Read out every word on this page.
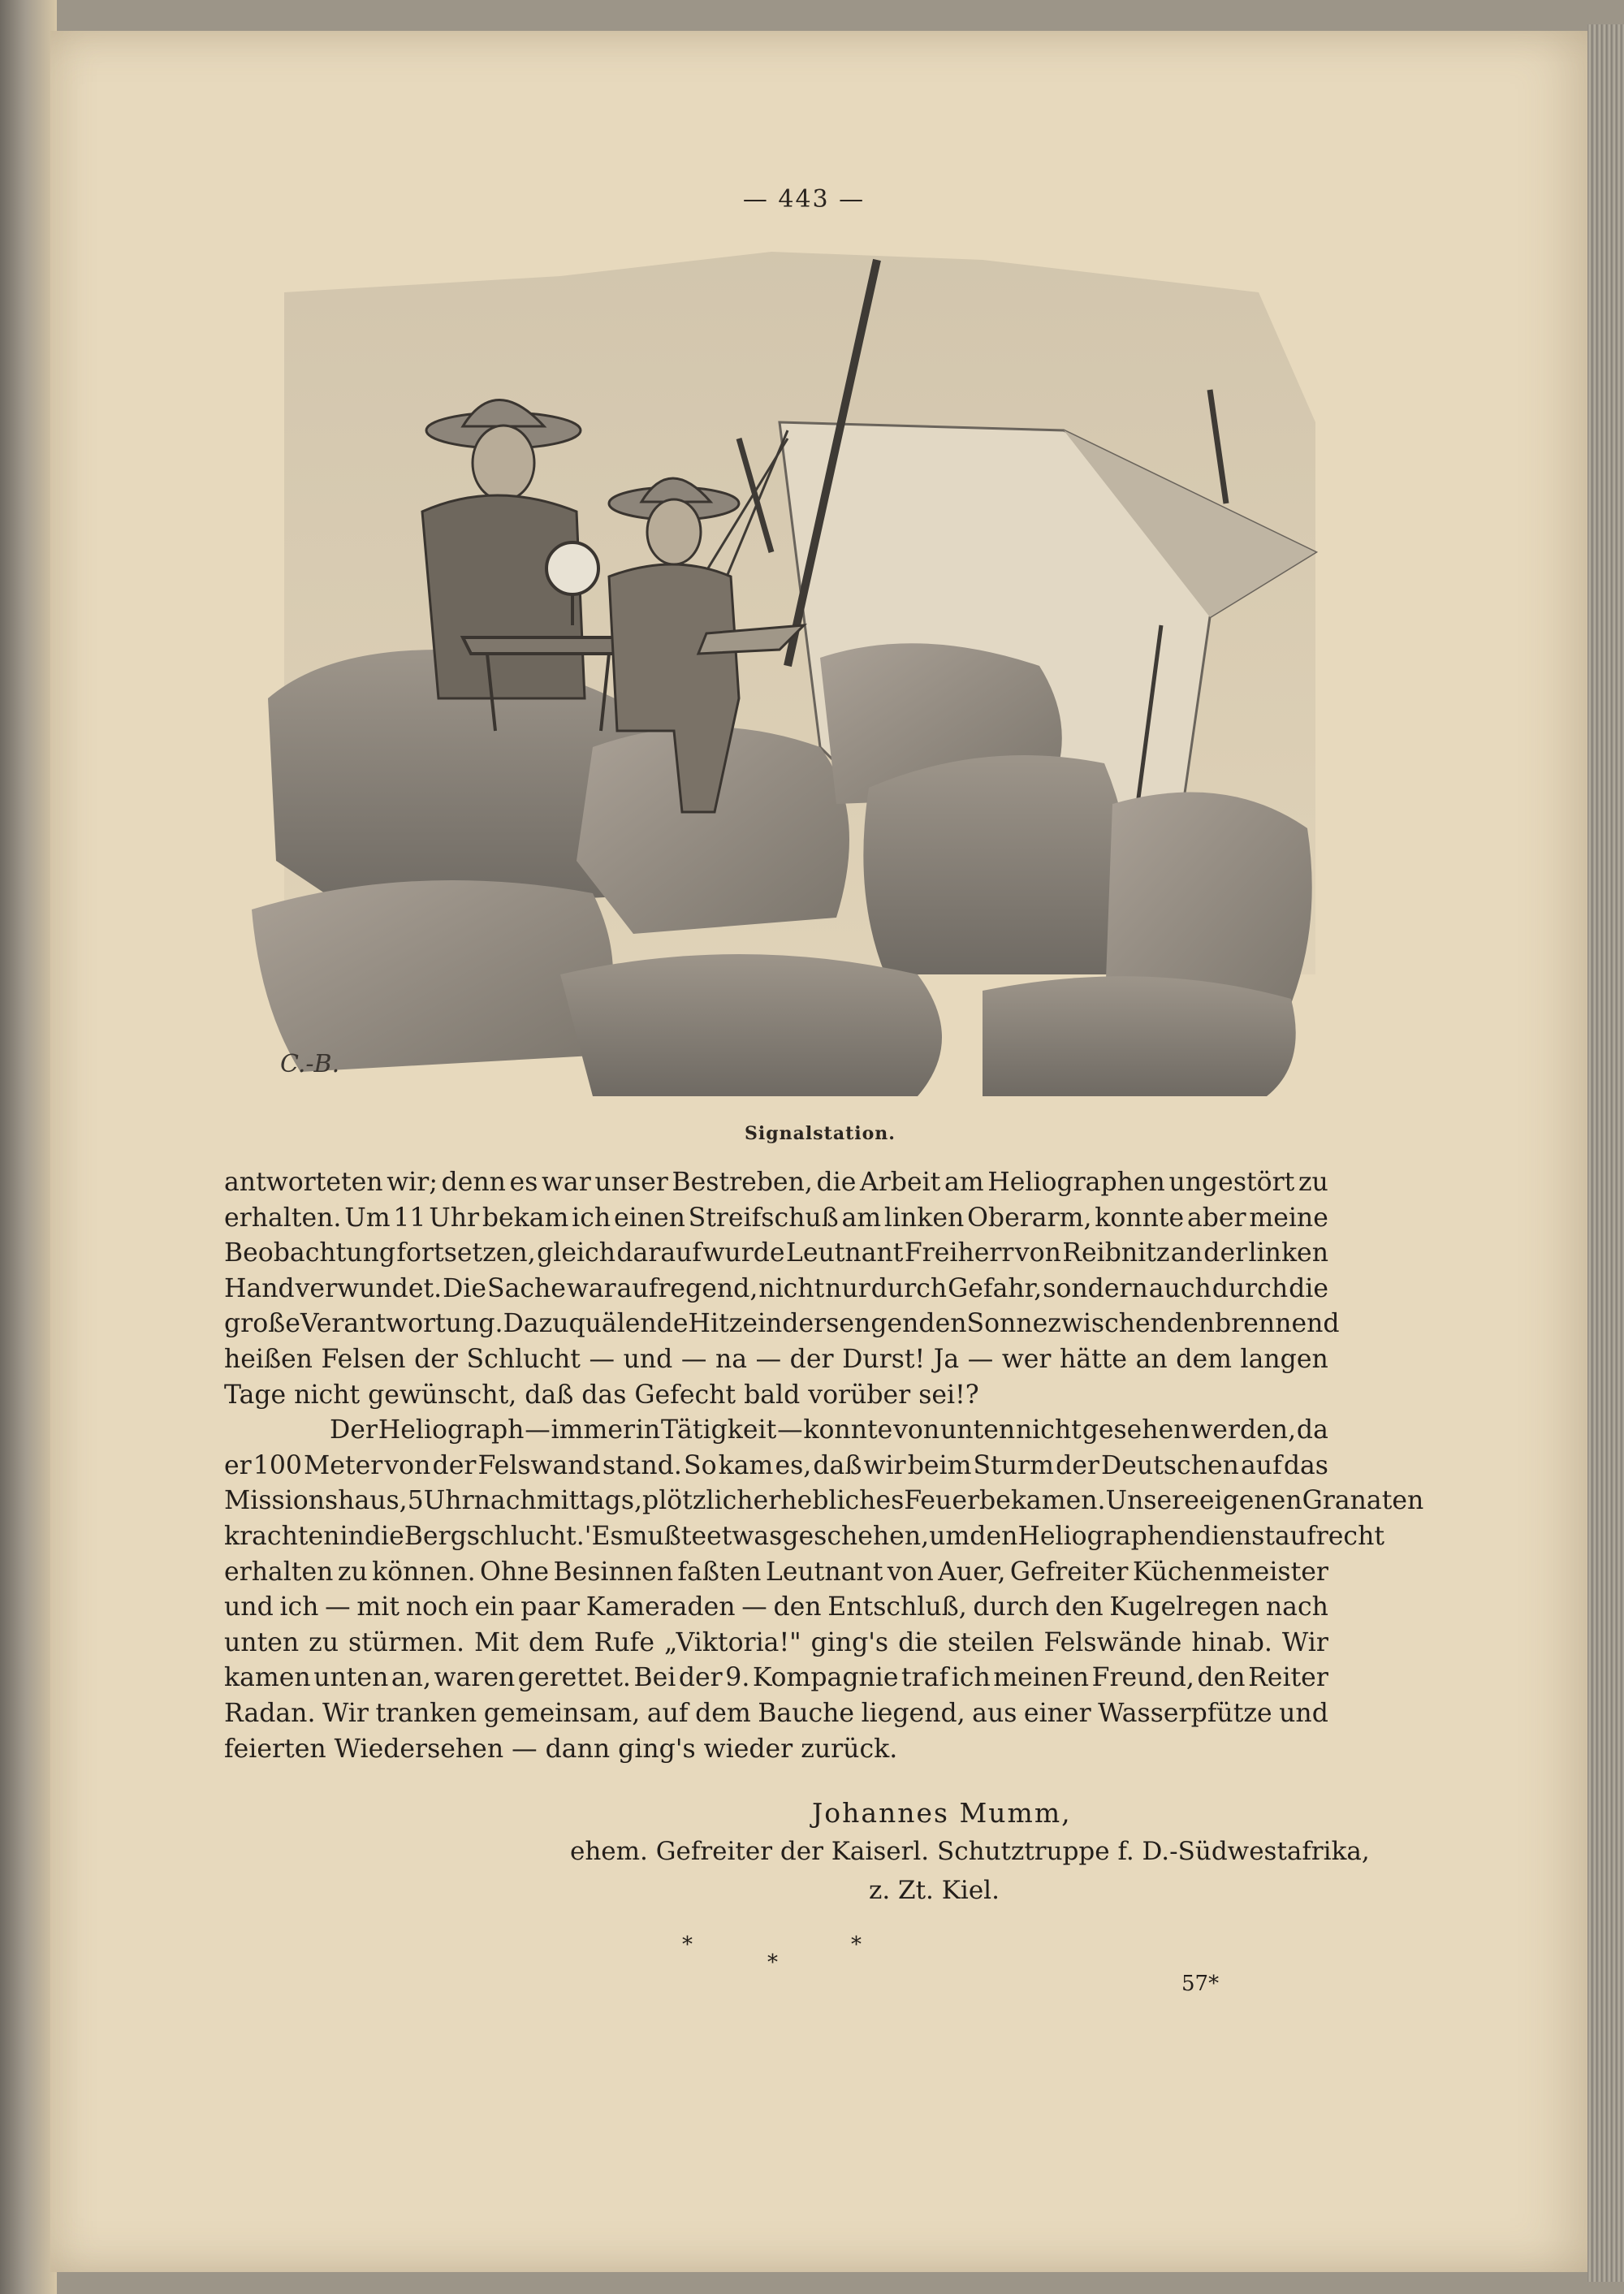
— 443 —
C.-B.
Signalstation.
antworteten wir; denn es war unser Bestreben, die Arbeit am Heliographen ungestört zu
erhalten. Um 11 Uhr bekam ich einen Streifschuß am linken Oberarm, konnte aber meine
Beobachtung fortsetzen, gleich darauf wurde Leutnant Freiherr von Reibnitz an der linken
Hand verwundet. Die Sache war aufregend, nicht nur durch Gefahr, sondern auch durch die
große Verantwortung. Dazu quälende Hitze in der sengenden Sonne zwischen den brennend
heißen Felsen der Schlucht — und — na — der Durst! Ja — wer hätte an dem langen
Tage nicht gewünscht, daß das Gefecht bald vorüber sei!?
Der Heliograph — immer in Tätigkeit — konnte von unten nicht gesehen werden, da
er 100 Meter von der Felswand stand. So kam es, daß wir beim Sturm der Deutschen auf das
Missionshaus, 5 Uhr nachmittags, plötzlich erhebliches Feuer bekamen. Unsere eigenen Granaten
krachten in die Bergschlucht.' Es mußte etwas geschehen, um den Heliographendienst aufrecht
erhalten zu können. Ohne Besinnen faßten Leutnant von Auer, Gefreiter Küchenmeister
und ich — mit noch ein paar Kameraden — den Entschluß, durch den Kugelregen nach
unten zu stürmen. Mit dem Rufe „Viktoria!" ging's die steilen Felswände hinab. Wir
kamen unten an, waren gerettet. Bei der 9. Kompagnie traf ich meinen Freund, den Reiter
Radan. Wir tranken gemeinsam, auf dem Bauche liegend, aus einer Wasserpfütze und
feierten Wiedersehen — dann ging's wieder zurück.
Johannes Mumm,
ehem. Gefreiter der Kaiserl. Schutztruppe f. D.-Südwestafrika,
z. Zt. Kiel.
*
*
*
57*
